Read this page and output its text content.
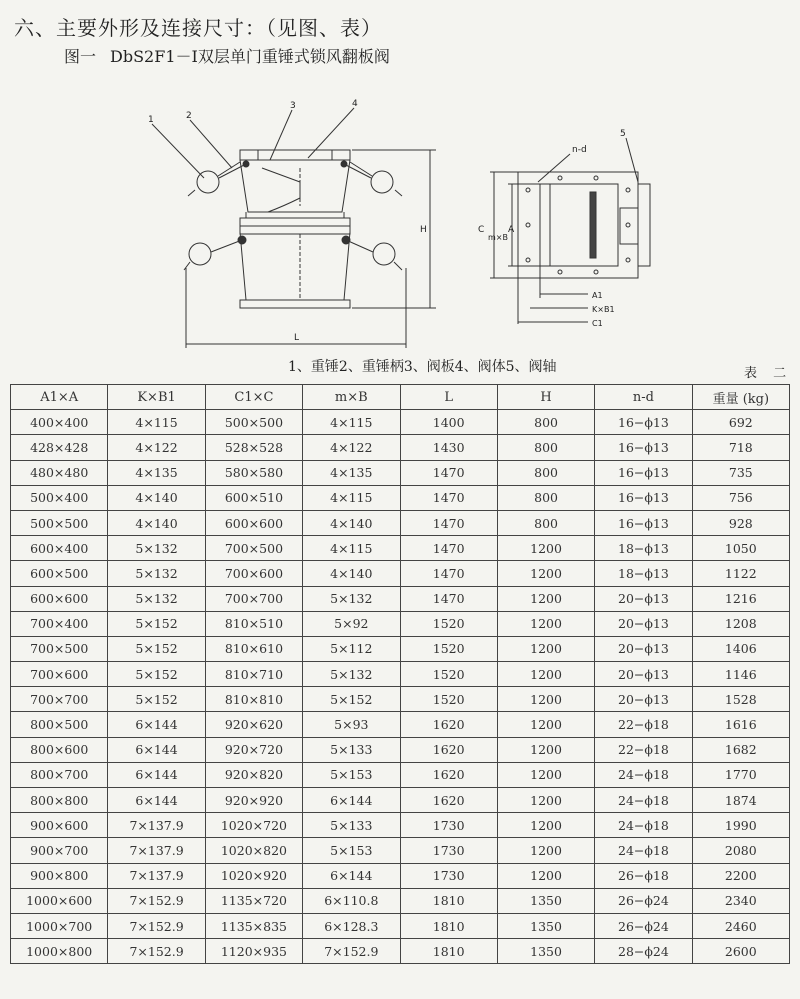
六、主要外形及连接尺寸：（见图、表）
图一 DbS2F1－Ⅰ双层单门重锤式锁风翻板阀
1	2
3	4
H
L
n-d
5
C	A
m×B
A1
K×B1
C1
1、重锤2、重锤柄3、阀板4、阀体5、阀轴	表 二
A1×A	K×B1	C1×C	m×B	L	H	n-d	重量 (kg)
400×400	4×115	500×500	4×115	1400	800	16−ϕ13	692
428×428	4×122	528×528	4×122	1430	800	16−ϕ13	718
480×480	4×135	580×580	4×135	1470	800	16−ϕ13	735
500×400	4×140	600×510	4×115	1470	800	16−ϕ13	756
500×500	4×140	600×600	4×140	1470	800	16−ϕ13	928
600×400	5×132	700×500	4×115	1470	1200	18−ϕ13	1050
600×500	5×132	700×600	4×140	1470	1200	18−ϕ13	1122
600×600	5×132	700×700	5×132	1470	1200	20−ϕ13	1216
700×400	5×152	810×510	5×92	1520	1200	20−ϕ13	1208
700×500	5×152	810×610	5×112	1520	1200	20−ϕ13	1406
700×600	5×152	810×710	5×132	1520	1200	20−ϕ13	1146
700×700	5×152	810×810	5×152	1520	1200	20−ϕ13	1528
800×500	6×144	920×620	5×93	1620	1200	22−ϕ18	1616
800×600	6×144	920×720	5×133	1620	1200	22−ϕ18	1682
800×700	6×144	920×820	5×153	1620	1200	24−ϕ18	1770
800×800	6×144	920×920	6×144	1620	1200	24−ϕ18	1874
900×600	7×137.9	1020×720	5×133	1730	1200	24−ϕ18	1990
900×700	7×137.9	1020×820	5×153	1730	1200	24−ϕ18	2080
900×800	7×137.9	1020×920	6×144	1730	1200	26−ϕ18	2200
1000×600	7×152.9	1135×720	6×110.8	1810	1350	26−ϕ24	2340
1000×700	7×152.9	1135×835	6×128.3	1810	1350	26−ϕ24	2460
1000×800	7×152.9	1120×935	7×152.9	1810	1350	28−ϕ24	2600
